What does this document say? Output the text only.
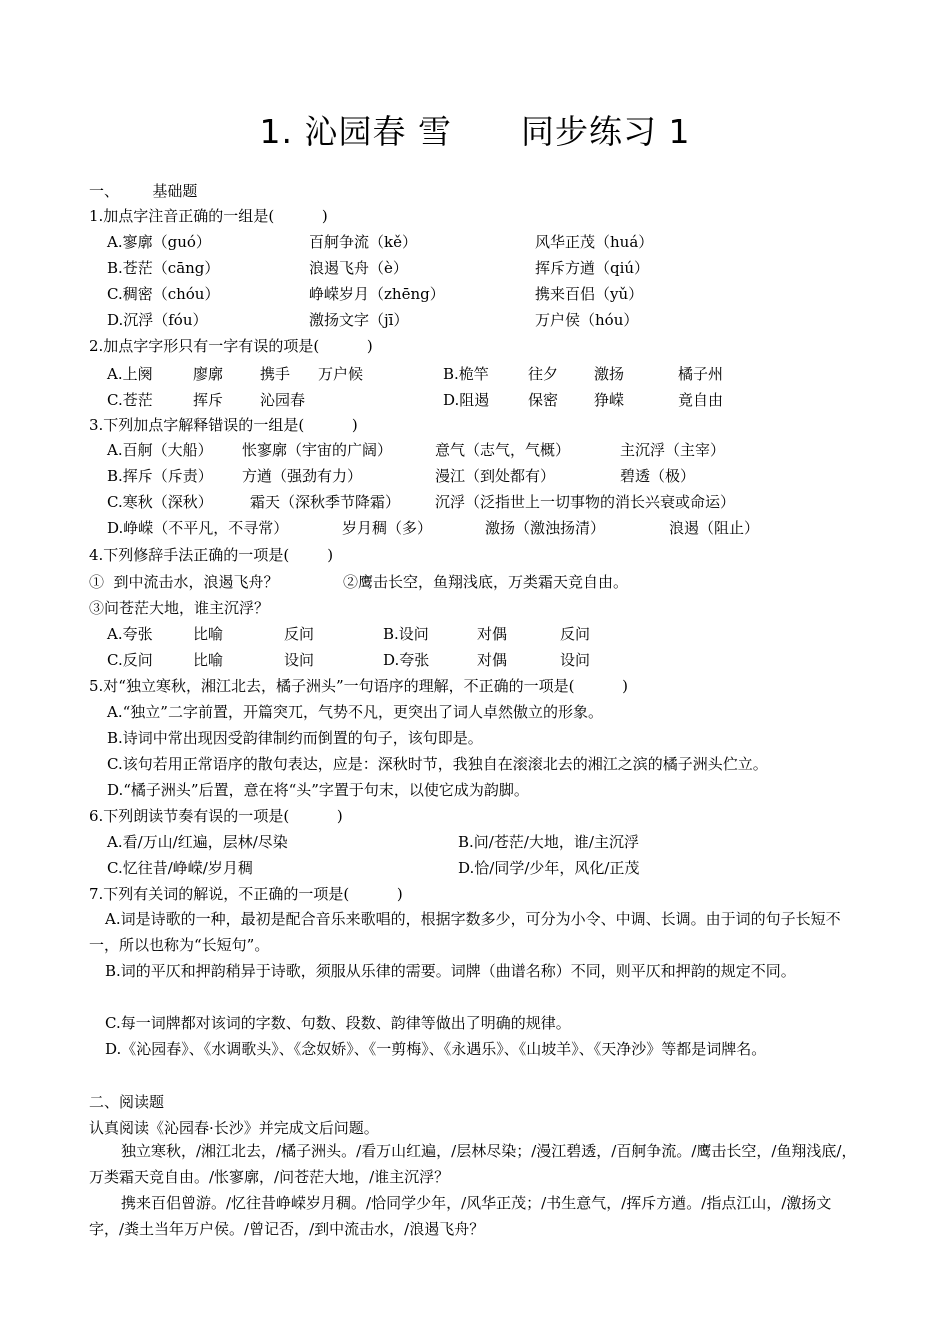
1. 沁园春 雪      同步练习 1
一、       基础题
1.加点字注音正确的一组是(          )
A.寥廓（guó）	百舸争流（kě）	风华正茂（huá）
B.苍茫（cāng）	浪遏飞舟（è）	挥斥方遒（qiú）
C.稠密（chóu）	峥嵘岁月（zhēng）	携来百侣（yǔ）
D.沉浮（fóu）	激扬文字（jī）	万户侯（hóu）
2.加点字字形只有一字有误的项是(          )
A.上阕	廖廓 携手 万户候	B.桅竿	往夕 激扬	橘子州
C.苍茫	挥斥 沁园春	D.阻遏	保密 狰嵘	竟自由
3.下列加点字解释错误的一组是(          )
A.百舸（大船） 怅寥廓（宇宙的广阔）	意气（志气，气概）	主沉浮（主宰）
B.挥斥（斥责） 方遒（强劲有力）	漫江（到处都有）	碧透（极）
C.寒秋（深秋） 霜天（深秋季节降霜） 沉浮（泛指世上一切事物的消长兴衰或命运）
D.峥嵘（不平凡，不寻常）	岁月稠（多）	激扬（激浊扬清）	浪遏（阻止）
4.下列修辞手法正确的一项是(        )
①  到中流击水，浪遏飞舟？	②鹰击长空，鱼翔浅底，万类霜天竞自由。
③问苍茫大地，谁主沉浮？
A.夸张	比喻	反问	B.设问	对偶	反问
C.反问	比喻	设问	D.夸张	对偶	设问
5.对“独立寒秋，湘江北去，橘子洲头”一句语序的理解，不正确的一项是(          )
A.“独立”二字前置，开篇突兀，气势不凡，更突出了词人卓然傲立的形象。
B.诗词中常出现因受韵律制约而倒置的句子，该句即是。
C.该句若用正常语序的散句表达，应是：深秋时节，我独自在滚滚北去的湘江之滨的橘子洲头伫立。
D.“橘子洲头”后置，意在将“头”字置于句末，以使它成为韵脚。
6.下列朗读节奏有误的一项是(          )
A.看/万山/红遍，层林/尽染	B.问/苍茫/大地，谁/主沉浮
C.忆往昔/峥嵘/岁月稠	D.恰/同学/少年，风化/正茂
7.下列有关词的解说，不正确的一项是(          )
A.词是诗歌的一种，最初是配合音乐来歌唱的，根据字数多少，可分为小令、中调、长调。由于词的句子长短不一，所以也称为“长短句”。
B.词的平仄和押韵稍异于诗歌，须服从乐律的需要。词牌（曲谱名称）不同，则平仄和押韵的规定不同。
C.每一词牌都对该词的字数、句数、段数、韵律等做出了明确的规律。
D.《沁园春》、《水调歌头》、《念奴娇》、《一剪梅》、《永遇乐》、《山坡羊》、《天净沙》等都是词牌名。
二、阅读题
认真阅读《沁园春·长沙》并完成文后问题。
独立寒秋，/湘江北去，/橘子洲头。/看万山红遍，/层林尽染；/漫江碧透，/百舸争流。/鹰击长空，/鱼翔浅底/，万类霜天竞自由。/怅寥廓，/问苍茫大地，/谁主沉浮？
携来百侣曾游。/忆往昔峥嵘岁月稠。/恰同学少年，/风华正茂；/书生意气，/挥斥方遒。/指点江山，/激扬文字，/粪土当年万户侯。/曾记否，/到中流击水，/浪遏飞舟？
